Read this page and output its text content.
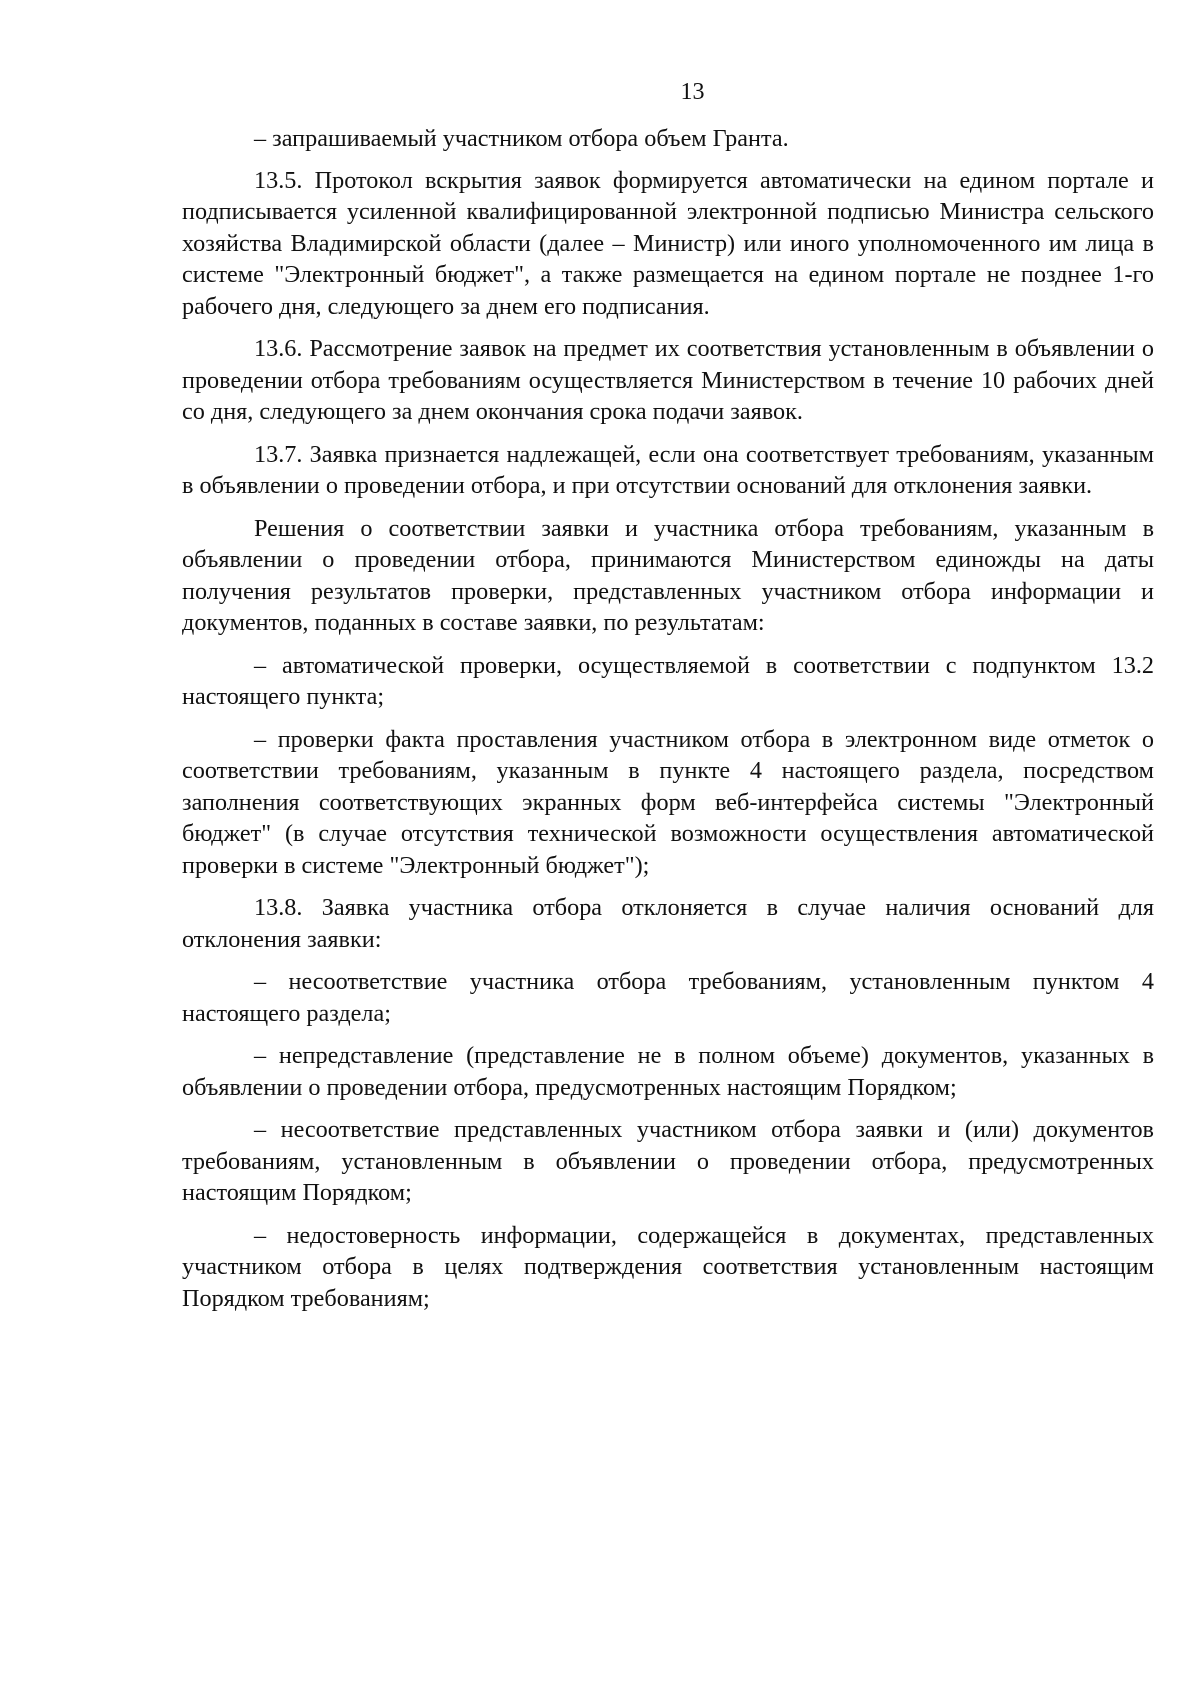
13

– запрашиваемый участником отбора объем Гранта.

13.5. Протокол вскрытия заявок формируется автоматически на едином портале и подписывается усиленной квалифицированной электронной подписью Министра сельского хозяйства Владимирской области (далее – Министр) или иного уполномоченного им лица в системе "Электронный бюджет", а также размещается на едином портале не позднее 1-го рабочего дня, следующего за днем его подписания.

13.6. Рассмотрение заявок на предмет их соответствия установленным в объявлении о проведении отбора требованиям осуществляется Министерством в течение 10 рабочих дней со дня, следующего за днем окончания срока подачи заявок.

13.7. Заявка признается надлежащей, если она соответствует требованиям, указанным в объявлении о проведении отбора, и при отсутствии оснований для отклонения заявки.

Решения о соответствии заявки и участника отбора требованиям, указанным в объявлении о проведении отбора, принимаются Министерством единожды на даты получения результатов проверки, представленных участником отбора информации и документов, поданных в составе заявки, по результатам:

– автоматической проверки, осуществляемой в соответствии с подпунктом 13.2 настоящего пункта;

– проверки факта проставления участником отбора в электронном виде отметок о соответствии требованиям, указанным в пункте 4 настоящего раздела, посредством заполнения соответствующих экранных форм веб-интерфейса системы "Электронный бюджет" (в случае отсутствия технической возможности осуществления автоматической проверки в системе "Электронный бюджет");

13.8. Заявка участника отбора отклоняется в случае наличия оснований для отклонения заявки:

– несоответствие участника отбора требованиям, установленным пунктом 4 настоящего раздела;

– непредставление (представление не в полном объеме) документов, указанных в объявлении о проведении отбора, предусмотренных настоящим Порядком;

– несоответствие представленных участником отбора заявки и (или) документов требованиям, установленным в объявлении о проведении отбора, предусмотренных настоящим Порядком;

– недостоверность информации, содержащейся в документах, представленных участником отбора в целях подтверждения соответствия установленным настоящим Порядком требованиям;
